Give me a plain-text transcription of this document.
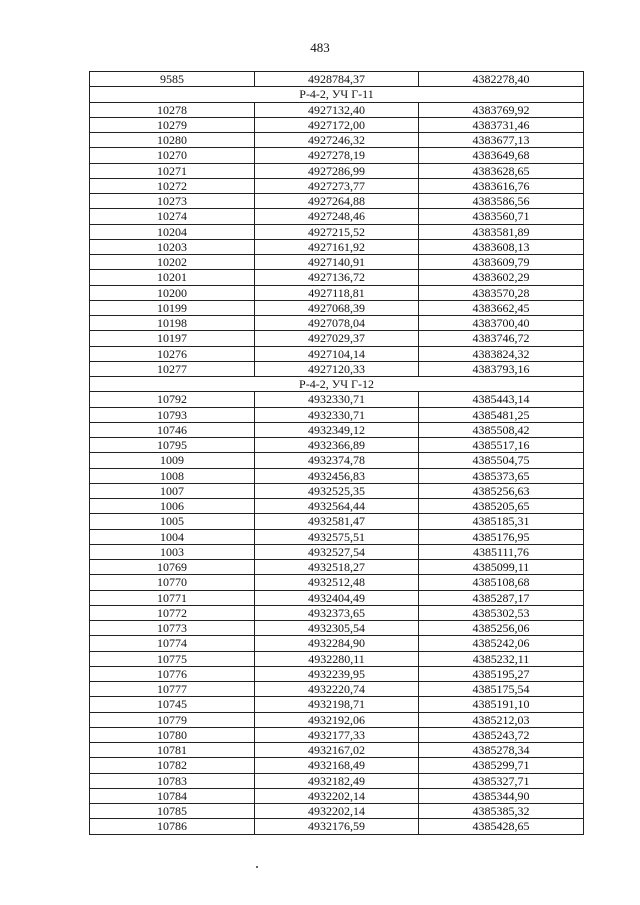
483
9585	4928784,37	4382278,40
Р-4-2, УЧ Г-11		
10278	4927132,40	4383769,92
10279	4927172,00	4383731,46
10280	4927246,32	4383677,13
10270	4927278,19	4383649,68
10271	4927286,99	4383628,65
10272	4927273,77	4383616,76
10273	4927264,88	4383586,56
10274	4927248,46	4383560,71
10204	4927215,52	4383581,89
10203	4927161,92	4383608,13
10202	4927140,91	4383609,79
10201	4927136,72	4383602,29
10200	4927118,81	4383570,28
10199	4927068,39	4383662,45
10198	4927078,04	4383700,40
10197	4927029,37	4383746,72
10276	4927104,14	4383824,32
10277	4927120,33	4383793,16
Р-4-2, УЧ Г-12		
10792	4932330,71	4385443,14
10793	4932330,71	4385481,25
10746	4932349,12	4385508,42
10795	4932366,89	4385517,16
1009	4932374,78	4385504,75
1008	4932456,83	4385373,65
1007	4932525,35	4385256,63
1006	4932564,44	4385205,65
1005	4932581,47	4385185,31
1004	4932575,51	4385176,95
1003	4932527,54	4385111,76
10769	4932518,27	4385099,11
10770	4932512,48	4385108,68
10771	4932404,49	4385287,17
10772	4932373,65	4385302,53
10773	4932305,54	4385256,06
10774	4932284,90	4385242,06
10775	4932280,11	4385232,11
10776	4932239,95	4385195,27
10777	4932220,74	4385175,54
10745	4932198,71	4385191,10
10779	4932192,06	4385212,03
10780	4932177,33	4385243,72
10781	4932167,02	4385278,34
10782	4932168,49	4385299,71
10783	4932182,49	4385327,71
10784	4932202,14	4385344,90
10785	4932202,14	4385385,32
10786	4932176,59	4385428,65
